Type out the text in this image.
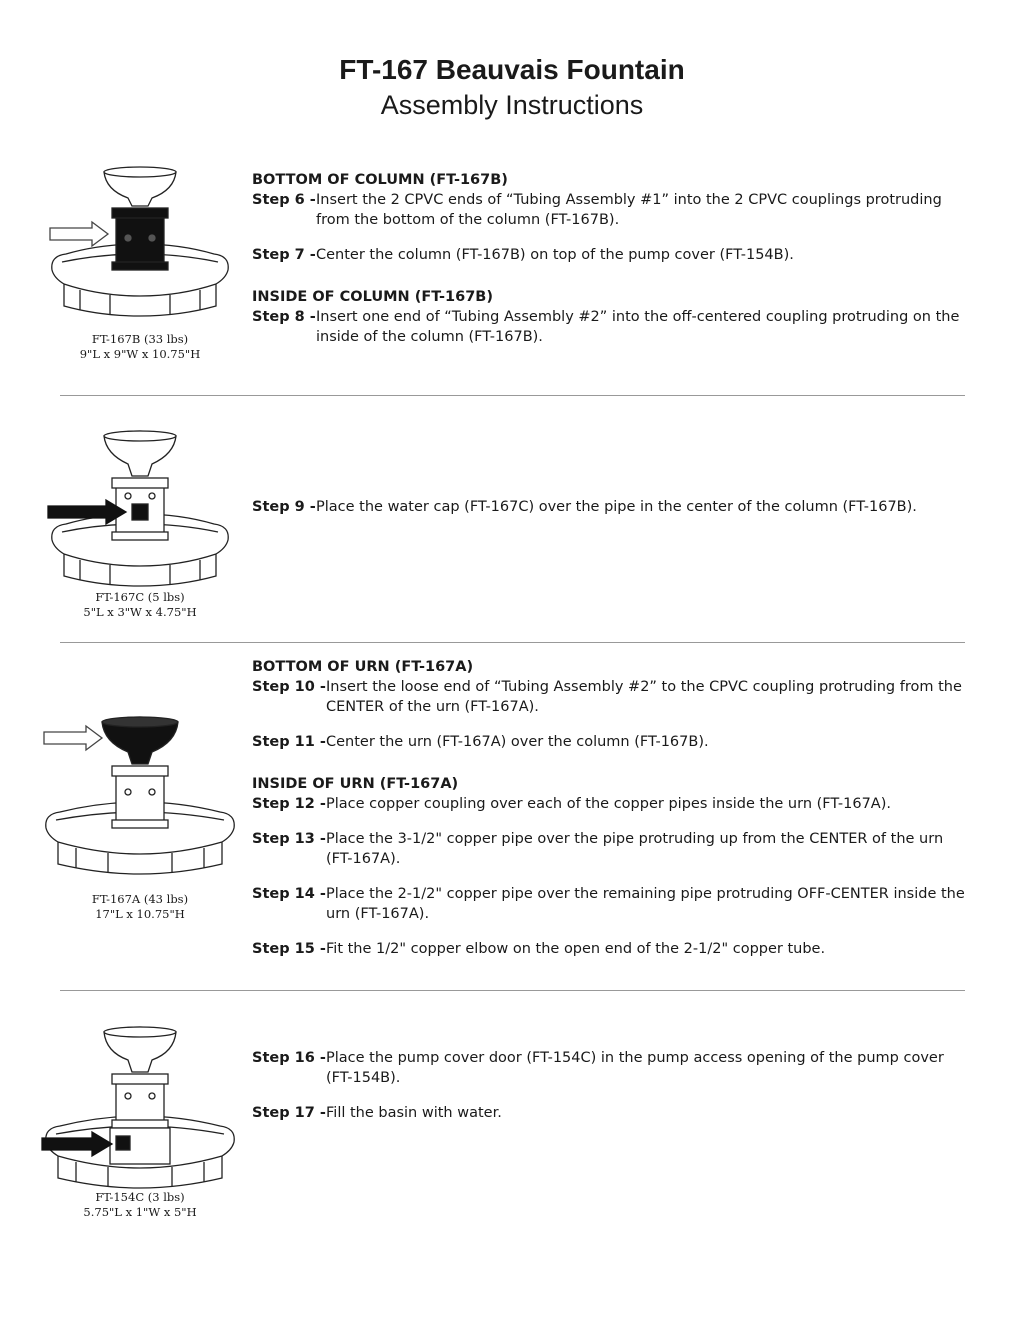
FT-167 Beauvais Fountain
Assembly Instructions
FT-167B (33 lbs)
9"L x 9"W x 10.75"H
BOTTOM OF COLUMN (FT-167B)
Step 6 - Insert the 2 CPVC ends of “Tubing Assembly #1” into the 2 CPVC couplings protruding from the bottom of the column (FT-167B).
Step 7 - Center the column (FT-167B) on top of the pump cover (FT-154B).
INSIDE OF COLUMN (FT-167B)
Step 8 - Insert one end of “Tubing Assembly #2” into the off-centered coupling protruding on the inside of the column (FT-167B).
FT-167C (5 lbs)
5"L x 3"W x 4.75"H
Step 9 - Place the water cap (FT-167C) over the pipe in the center of the column (FT-167B).
FT-167A (43 lbs)
17"L x 10.75"H
BOTTOM OF URN (FT-167A)
Step 10 - Insert the loose end of “Tubing Assembly #2” to the CPVC coupling protruding from the CENTER of the urn (FT-167A).
Step 11 - Center the urn (FT-167A) over the column (FT-167B).
INSIDE OF URN (FT-167A)
Step 12 - Place copper coupling over each of the copper pipes inside the urn (FT-167A).
Step 13 - Place the 3-1/2" copper pipe over the pipe protruding up from the CENTER of the urn (FT-167A).
Step 14 - Place the 2-1/2" copper pipe over the remaining pipe protruding OFF-CENTER inside the urn (FT-167A).
Step 15 - Fit the 1/2" copper elbow on the open end of the 2-1/2" copper tube.
FT-154C (3 lbs)
5.75"L x 1"W x 5"H
Step 16 - Place the pump cover door (FT-154C) in the pump access opening of the pump cover (FT-154B).
Step 17 - Fill the basin with water.
